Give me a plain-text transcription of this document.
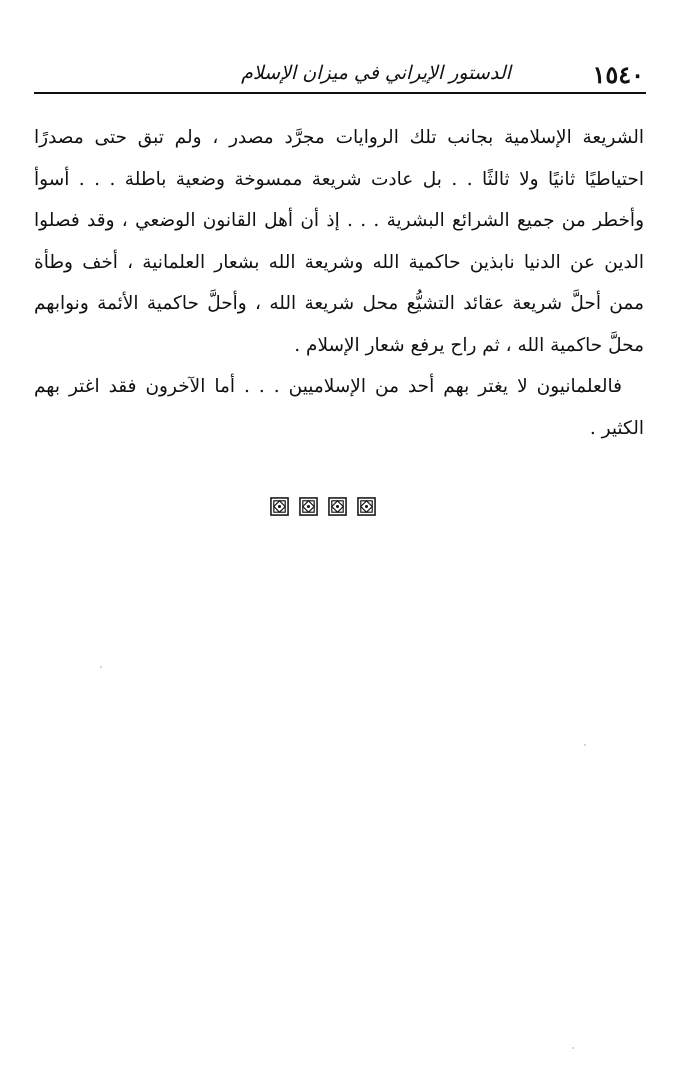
١٥٤٠
الدستور الإيراني في ميزان الإسلام

الشريعة الإسلامية بجانب تلك الروايات مجرَّد مصدر ، ولم تبق حتى مصدرًا احتياطيًا ثانيًا ولا ثالثًا . . بل عادت شريعة ممسوخة وضعية باطلة . . . أسوأ وأخطر من جميع الشرائع البشرية . . . إذ أن أهل القانون الوضعي ، وقد فصلوا الدين عن الدنيا نابذين حاكمية الله وشريعة الله بشعار العلمانية ، أخف وطأة ممن أحلَّ شريعة عقائد التشيُّع محل شريعة الله ، وأحلَّ حاكمية الأئمة ونوابهم محلَّ حاكمية الله ، ثم راح يرفع شعار الإسلام .

فالعلمانيون لا يغتر بهم أحد من الإسلاميين . . . أما الآخرون فقد اغتر بهم الكثير .
